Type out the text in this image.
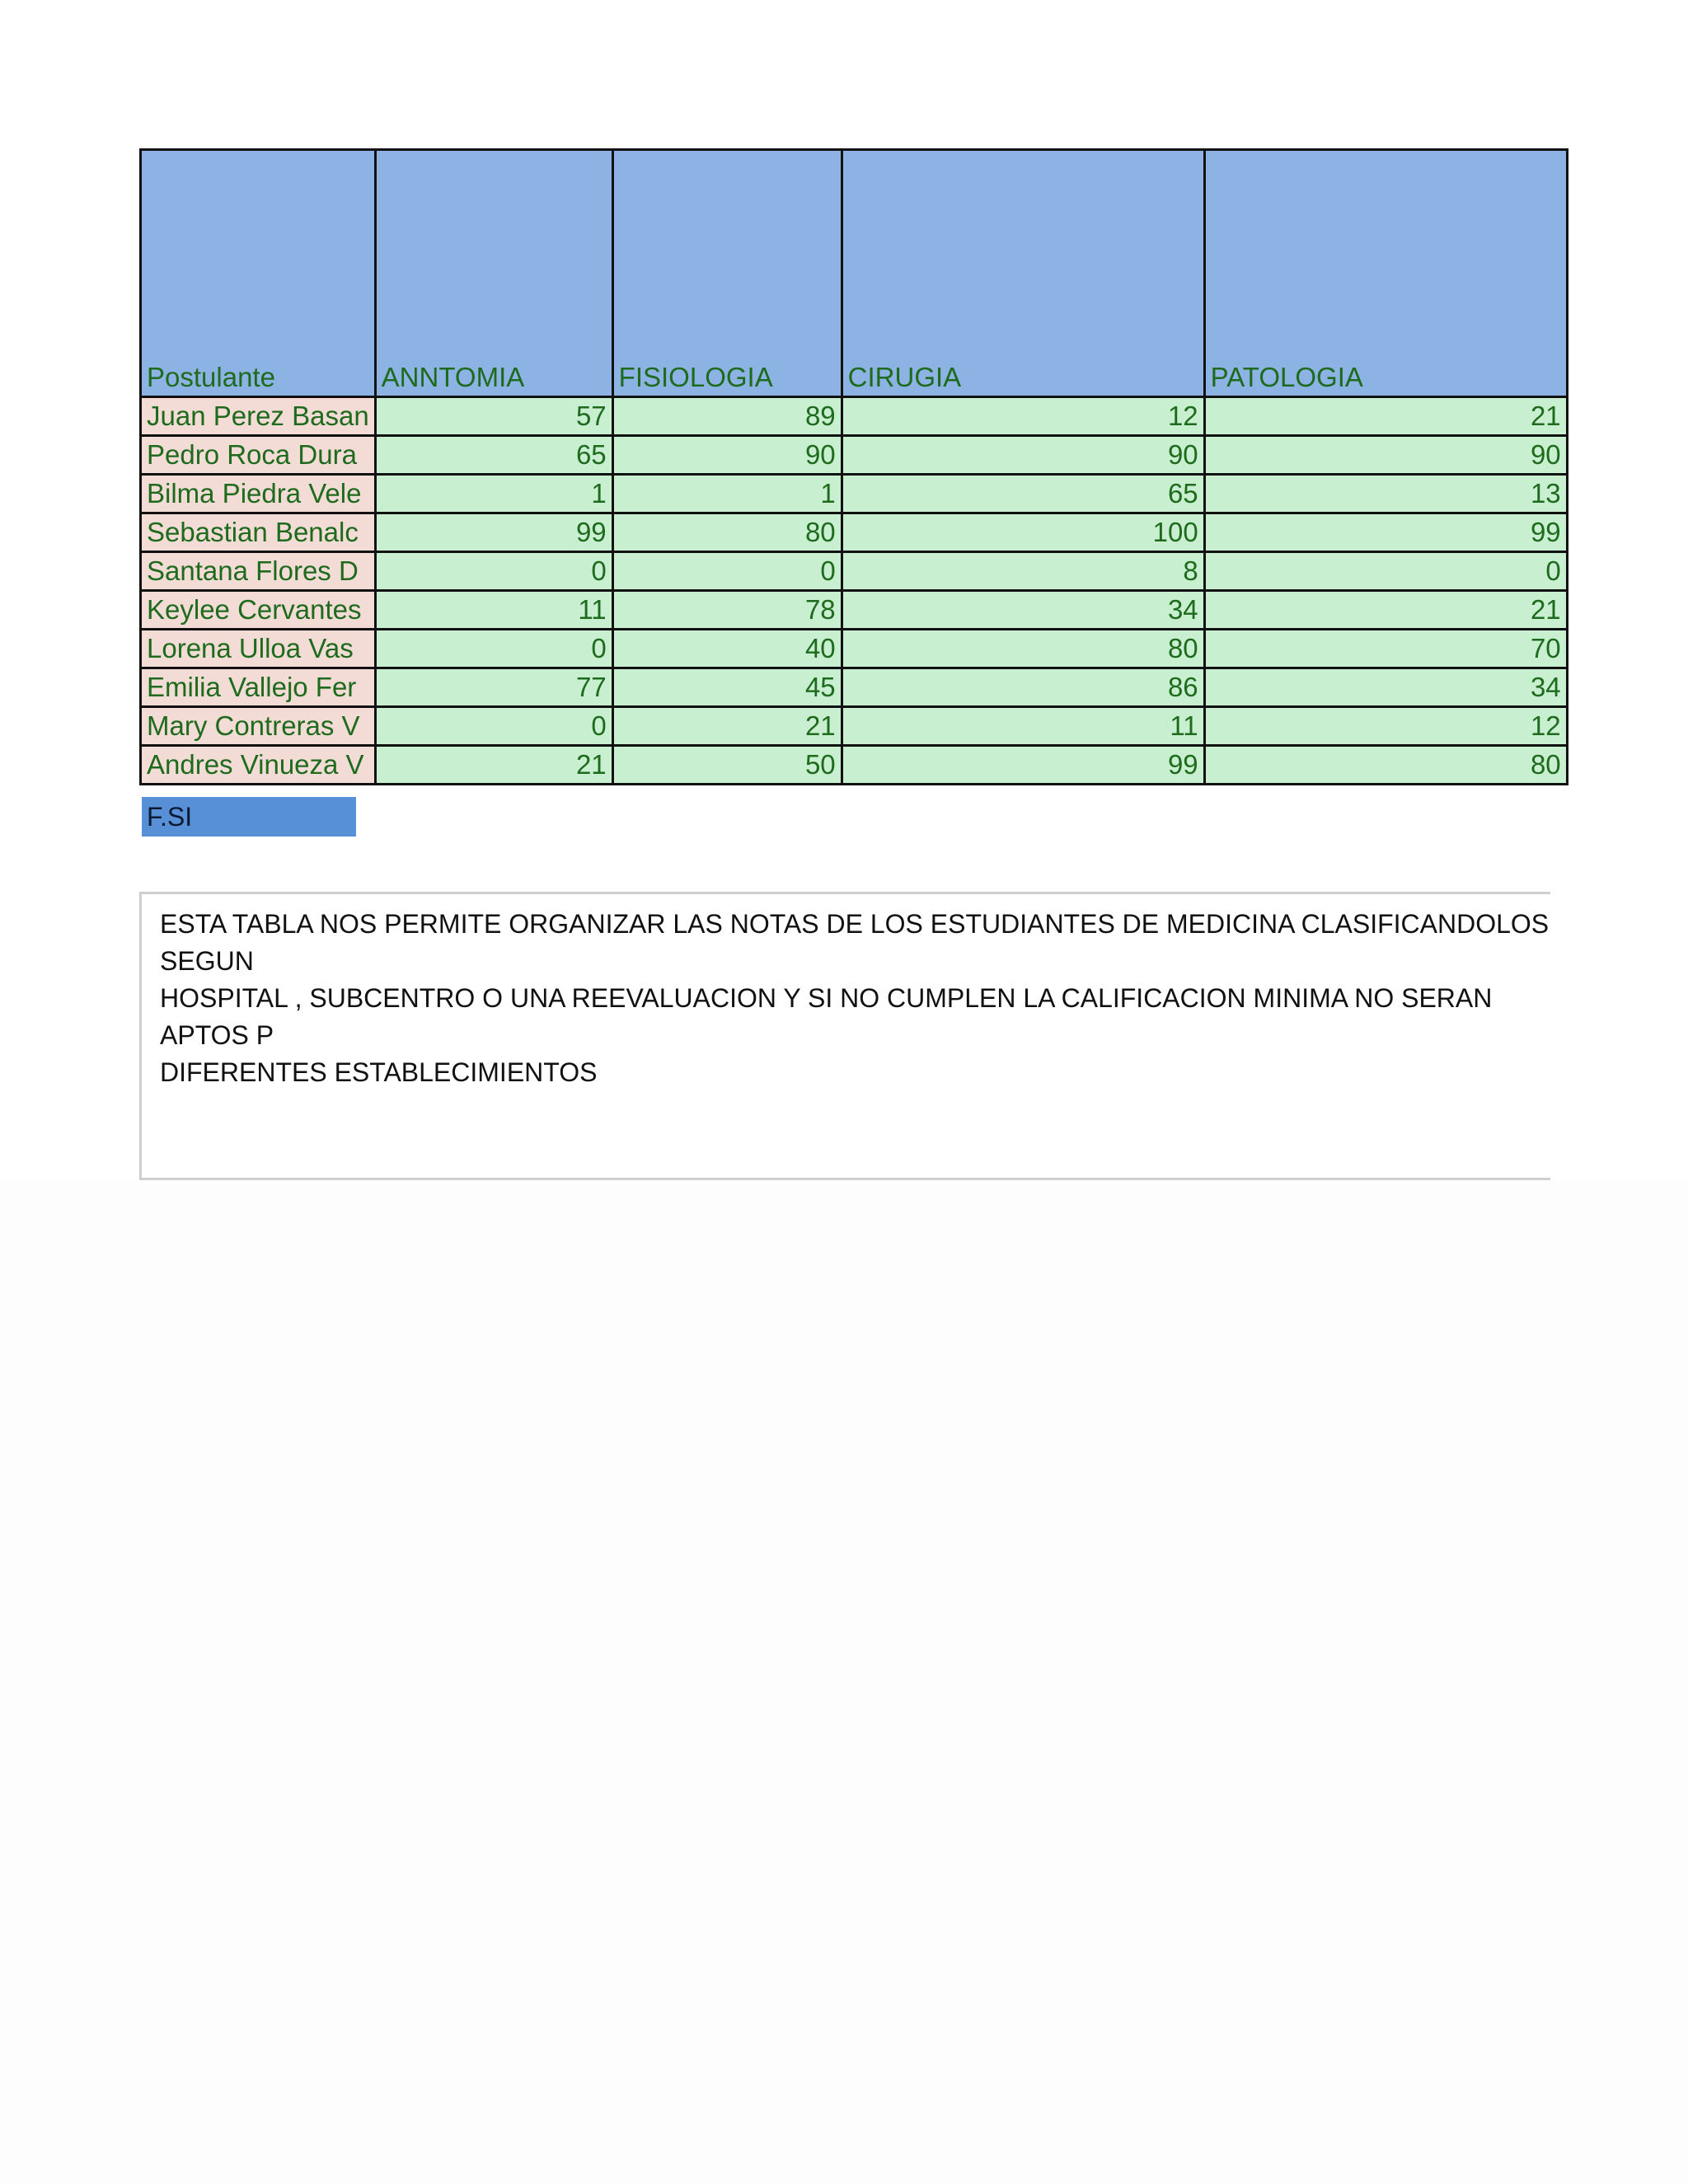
Postulante	ANNTOMIA	FISIOLOGIA	CIRUGIA	PATOLOGIA
Juan Perez Basan	57	89	12	21
Pedro Roca Dura	65	90	90	90
Bilma Piedra Vele	1	1	65	13
Sebastian Benalc	99	80	100	99
Santana Flores D	0	0	8	0
Keylee Cervantes	11	78	34	21
Lorena Ulloa Vas	0	40	80	70
Emilia Vallejo Fer	77	45	86	34
Mary Contreras V	0	21	11	12
Andres Vinueza V	21	50	99	80
F.SI

ESTA TABLA NOS PERMITE ORGANIZAR LAS NOTAS DE LOS ESTUDIANTES DE MEDICINA CLASIFICANDOLOS SEGUN
HOSPITAL , SUBCENTRO O UNA REEVALUACION Y SI NO CUMPLEN LA CALIFICACION MINIMA NO SERAN APTOS P
DIFERENTES ESTABLECIMIENTOS
